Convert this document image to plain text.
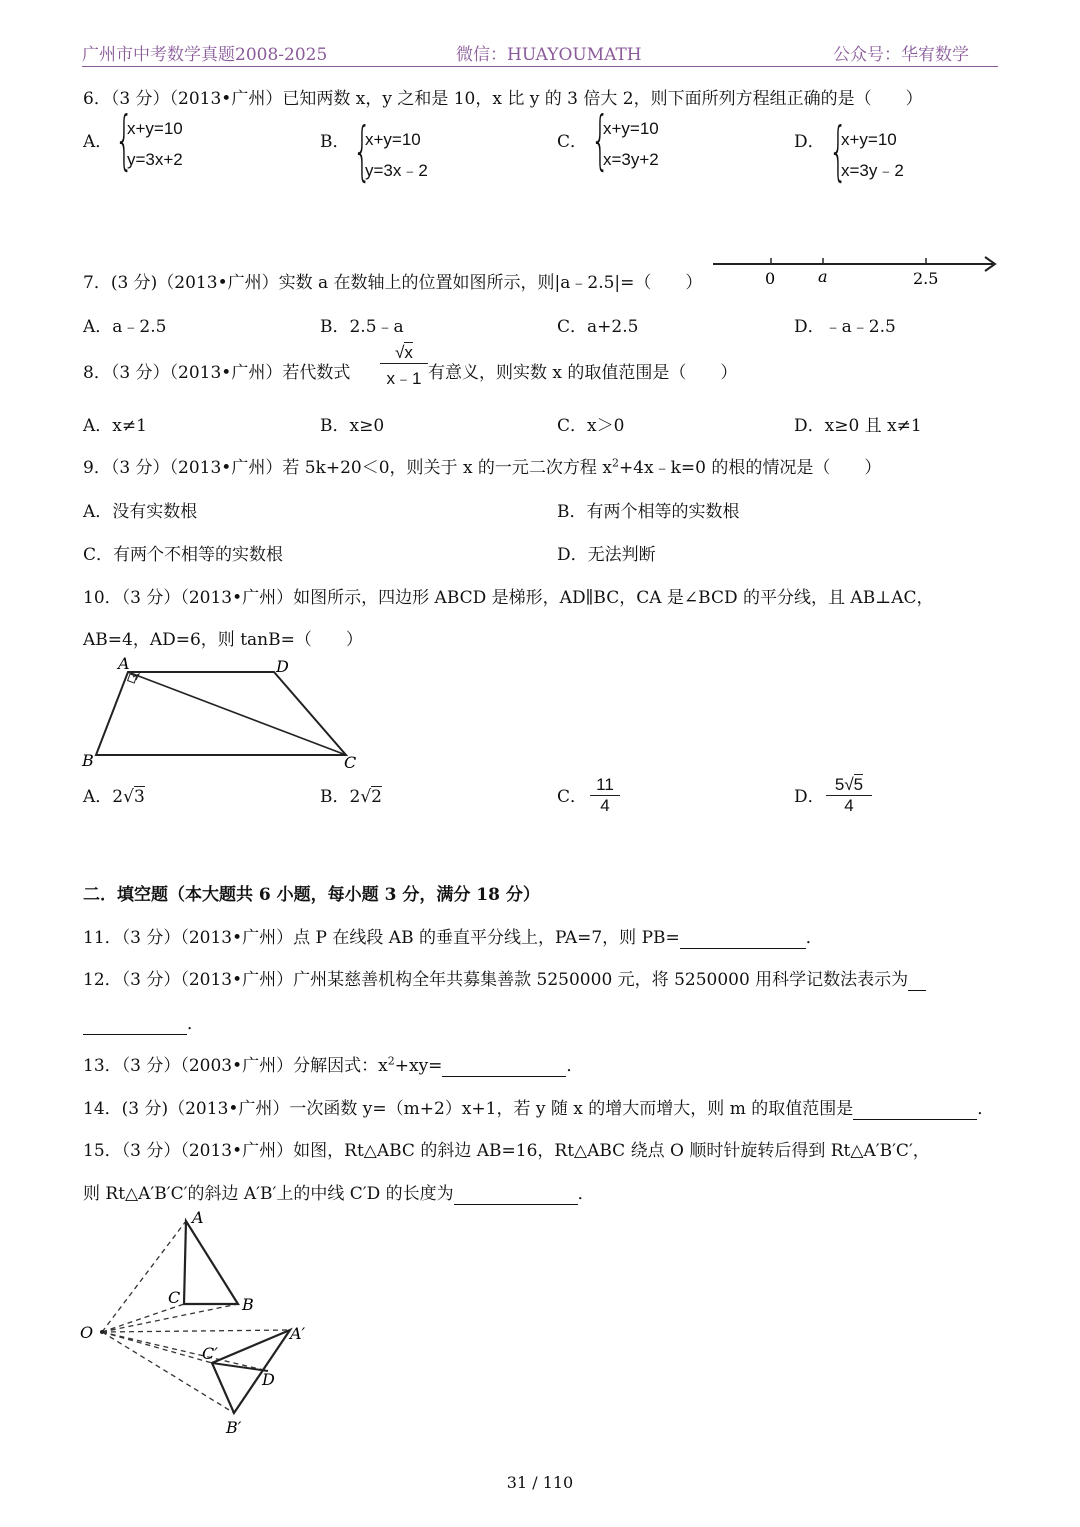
广州市中考数学真题2008-2025	微信：HUAYOUMATH	公众号：华宥数学
6．（3 分）（2013•广州）已知两数 x，y 之和是 10，x 比 y 的 3 倍大 2，则下面所列方程组正确的是（　　）
A． {
x+y=10
y=3x+2
B． {
x+y=10
y=3x﹣2
C． {
x+y=10
x=3y+2
D． {
x+y=10
x=3y﹣2
7．(3 分)（2013•广州）实数 a 在数轴上的位置如图所示，则|a﹣2.5|=（　　）	0	a	2.5
A．a﹣2.5	B．2.5﹣a	C．a+2.5	D．﹣a﹣2.5
8．（3 分）（2013•广州）若代数式 $\frac{√x}{x﹣1}$ 有意义，则实数 x 的取值范围是（　　）
A．x≠1	B．x≥0	C．x＞0	D．x≥0 且 x≠1
9．（3 分）（2013•广州）若 5k+20＜0，则关于 x 的一元二次方程 $x^2+4x﹣k=0$ 的根的情况是（　　）
A．没有实数根	B．有两个相等的实数根
C．有两个不相等的实数根	D．无法判断
10．（3 分）（2013•广州）如图所示，四边形 ABCD 是梯形，AD∥BC，CA 是∠BCD 的平分线，且 AB⊥AC，
AB=4，AD=6，则 tanB=（　　）
A	D
B	C
A．2√3	B．2√2	C． $\frac{11}{4}$	D． $\frac{5√5}{4}$
二．填空题（本大题共 6 小题，每小题 3 分，满分 18 分）
11．（3 分）（2013•广州）点 P 在线段 AB 的垂直平分线上，PA=7，则 PB=	．
12．（3 分）（2013•广州）广州某慈善机构全年共募集善款 5250000 元，将 5250000 用科学记数法表示为
．
13．（3 分）（2003•广州）分解因式：$x^2+xy=$	．
14．(3 分)（2013•广州）一次函数 y=（m+2）x+1，若 y 随 x 的增大而增大，则 m 的取值范围是	．
15．（3 分）（2013•广州）如图，Rt△ABC 的斜边 AB=16，Rt△ABC 绕点 O 顺时针旋转后得到 Rt△A′B′C′，
则 Rt△A′B′C′的斜边 A′B′上的中线 C′D 的长度为	．
O
A
C	B
A′
C′
D
B′
31 / 110
